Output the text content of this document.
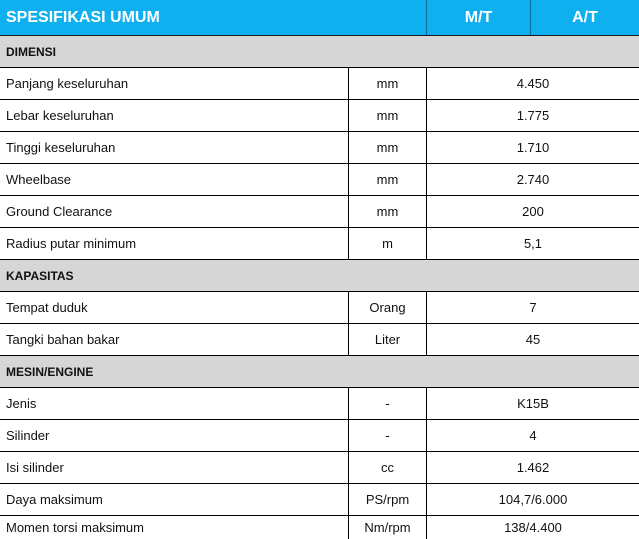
SPESIFIKASI UMUM	M/T	A/T
DIMENSI
Panjang keseluruhan	mm	4.450
Lebar keseluruhan	mm	1.775
Tinggi keseluruhan	mm	1.710
Wheelbase	mm	2.740
Ground Clearance	mm	200
Radius putar minimum	m	5,1
KAPASITAS
Tempat duduk	Orang	7
Tangki bahan bakar	Liter	45
MESIN/ENGINE
Jenis	-	K15B
Silinder	-	4
Isi silinder	cc	1.462
Daya maksimum	PS/rpm	104,7/6.000
Momen torsi maksimum	Nm/rpm	138/4.400
